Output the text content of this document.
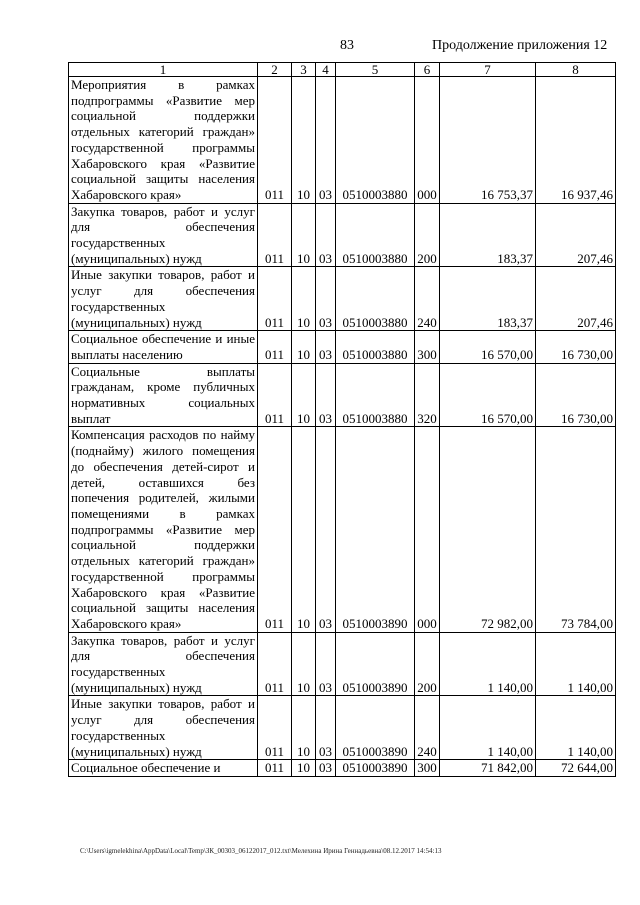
83	Продолжение приложения 12
1	2	3	4	5	6	7	8
Мероприятия в рамках подпрограммы «Развитие мер социальной поддержки отдельных категорий граждан» государственной программы Хабаровского края «Развитие социальной защиты населения Хабаровского края»	011	10	03	0510003880	000	16 753,37	16 937,46
Закупка товаров, работ и услуг для обеспечения государственных (муниципальных) нужд	011	10	03	0510003880	200	183,37	207,46
Иные закупки товаров, работ и услуг для обеспечения государственных (муниципальных) нужд	011	10	03	0510003880	240	183,37	207,46
Социальное обеспечение и иные выплаты населению	011	10	03	0510003880	300	16 570,00	16 730,00
Социальные выплаты гражданам, кроме публичных нормативных социальных выплат	011	10	03	0510003880	320	16 570,00	16 730,00
Компенсация расходов по найму (поднайму) жилого помещения до обеспечения детей-сирот и детей, оставшихся без попечения родителей, жилыми помещениями в рамках подпрограммы «Развитие мер социальной поддержки отдельных категорий граждан» государственной программы Хабаровского края «Развитие социальной защиты населения Хабаровского края»	011	10	03	0510003890	000	72 982,00	73 784,00
Закупка товаров, работ и услуг для обеспечения государственных (муниципальных) нужд	011	10	03	0510003890	200	1 140,00	1 140,00
Иные закупки товаров, работ и услуг для обеспечения государственных (муниципальных) нужд	011	10	03	0510003890	240	1 140,00	1 140,00
Социальное обеспечение и	011	10	03	0510003890	300	71 842,00	72 644,00
C:\Users\igmelekhina\AppData\Local\Temp\ЗК_00303_06122017_012.txt\Мелехина Ирина Геннадьевна\08.12.2017 14:54:13
